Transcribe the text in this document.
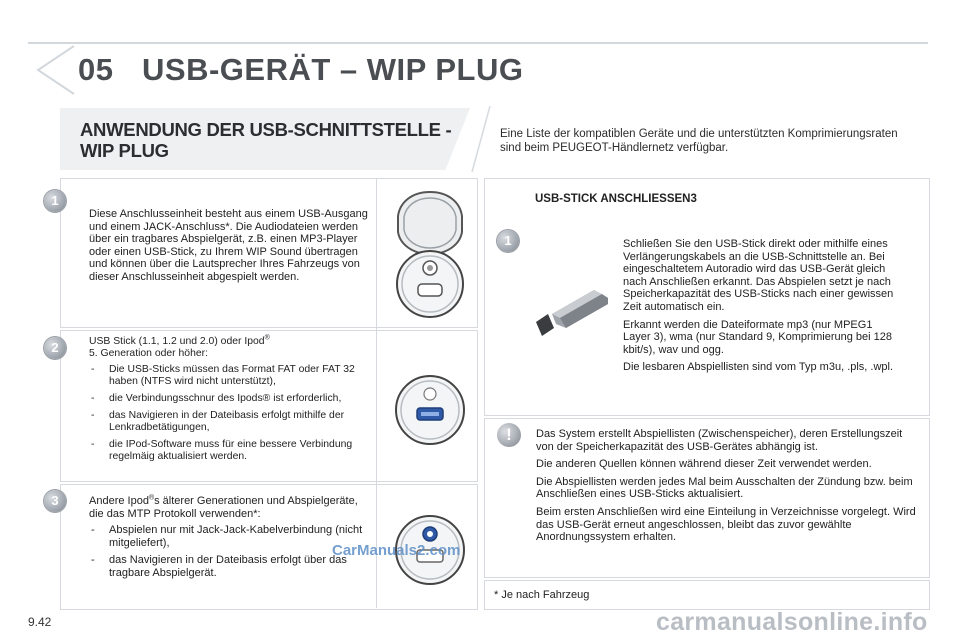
05 USB-GERÄT – WIP PLUG
ANWENDUNG DER USB-SCHNITTSTELLE - WIP PLUG
Eine Liste der kompatiblen Geräte und die unterstützten Komprimierungsraten sind beim PEUGEOT-Händlernetz verfügbar.
1
Diese Anschlusseinheit besteht aus einem USB-Ausgang und einem JACK-Anschluss*. Die Audiodateien werden über ein tragbares Abspielgerät, z.B. einen MP3-Player oder einen USB-Stick, zu Ihrem WIP Sound übertragen und können über die Lautsprecher Ihres Fahrzeugs von dieser Anschlusseinheit abgespielt werden.
2	USB Stick (1.1, 1.2 und 2.0) oder Ipod®
5. Generation oder höher:
- Die USB-Sticks müssen das Format FAT oder FAT 32 haben (NTFS wird nicht unterstützt),
- die Verbindungsschnur des Ipods® ist erforderlich,
- das Navigieren in der Dateibasis erfolgt mithilfe der Lenkradbetätigungen,
- die IPod-Software muss für eine bessere Verbindung regelmäig aktualisiert werden.
3	Andere Ipod®s älterer Generationen und Abspielgeräte, die das MTP Protokoll verwenden*:
- Abspielen nur mit Jack-Jack-Kabelverbindung (nicht mitgeliefert),
- das Navigieren in der Dateibasis erfolgt über das tragbare Abspielgerät.
CarManuals2.com
USB-STICK ANSCHLIESSEN3
1	Schließen Sie den USB-Stick direkt oder mithilfe eines Verlängerungskabels an die USB-Schnittstelle an. Bei eingeschaltetem Autoradio wird das USB-Gerät gleich nach Anschließen erkannt. Das Abspielen setzt je nach Speicherkapazität des USB-Sticks nach einer gewissen Zeit automatisch ein.

Erkannt werden die Dateiformate mp3 (nur MPEG1 Layer 3), wma (nur Standard 9, Komprimierung bei 128 kbit/s), wav und ogg.

Die lesbaren Abspiellisten sind vom Typ m3u, .pls, .wpl.

!	Das System erstellt Abspiellisten (Zwischenspeicher), deren Erstellungszeit von der Speicherkapazität des USB-Gerätes abhängig ist.

Die anderen Quellen können während dieser Zeit verwendet werden.

Die Abspiellisten werden jedes Mal beim Ausschalten der Zündung bzw. beim Anschließen eines USB-Sticks aktualisiert.

Beim ersten Anschließen wird eine Einteilung in Verzeichnisse vorgelegt. Wird das USB-Gerät erneut angeschlossen, bleibt das zuvor gewählte Anordnungssystem erhalten.

* Je nach Fahrzeug
9.42	carmanualsonline.info
